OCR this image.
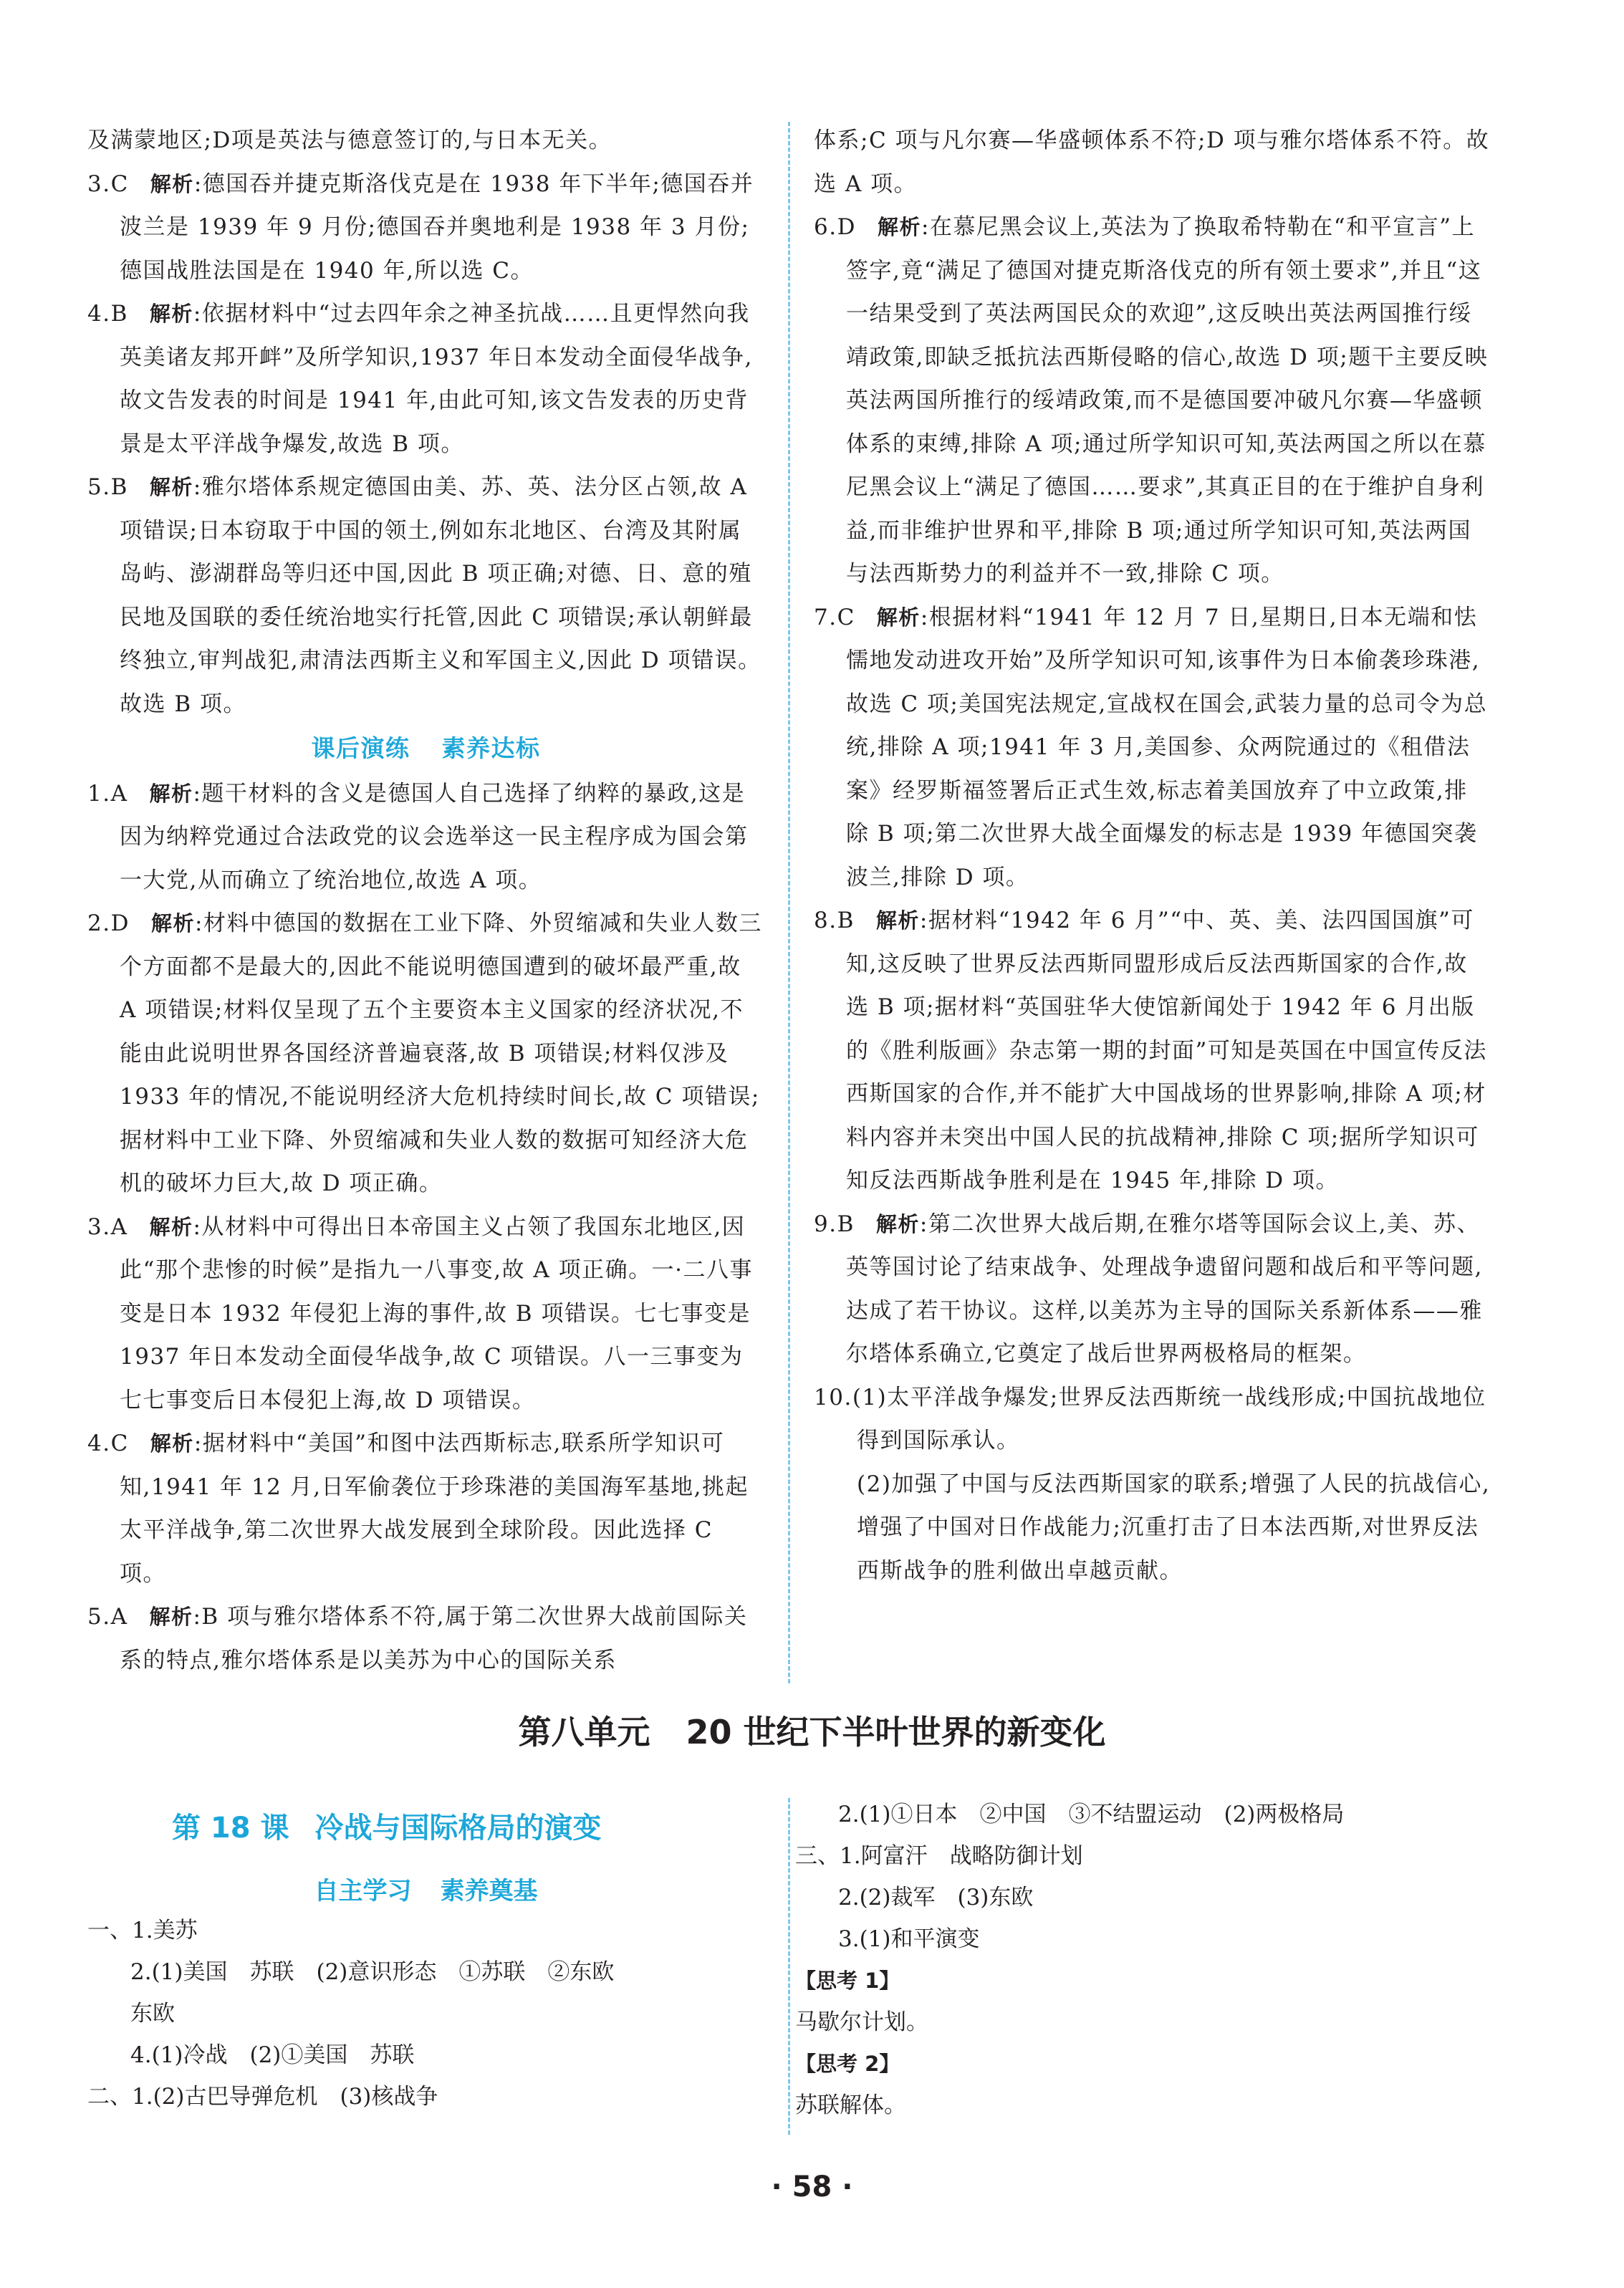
及满蒙地区;D项是英法与德意签订的,与日本无关。

3.C 解析:德国吞并捷克斯洛伐克是在 1938 年下半年;德国吞并波兰是 1939 年 9 月份;德国吞并奥地利是 1938 年 3 月份;德国战胜法国是在 1940 年,所以选 C。

4.B 解析:依据材料中“过去四年余之神圣抗战……且更悍然向我英美诸友邦开衅”及所学知识,1937 年日本发动全面侵华战争,故文告发表的时间是 1941 年,由此可知,该文告发表的历史背景是太平洋战争爆发,故选 B 项。

5.B 解析:雅尔塔体系规定德国由美、苏、英、法分区占领,故 A 项错误;日本窃取于中国的领土,例如东北地区、台湾及其附属岛屿、澎湖群岛等归还中国,因此 B 项正确;对德、日、意的殖民地及国联的委任统治地实行托管,因此 C 项错误;承认朝鲜最终独立,审判战犯,肃清法西斯主义和军国主义,因此 D 项错误。故选 B 项。

课后演练 素养达标

1.A 解析:题干材料的含义是德国人自己选择了纳粹的暴政,这是因为纳粹党通过合法政党的议会选举这一民主程序成为国会第一大党,从而确立了统治地位,故选 A 项。

2.D 解析:材料中德国的数据在工业下降、外贸缩减和失业人数三个方面都不是最大的,因此不能说明德国遭到的破坏最严重,故 A 项错误;材料仅呈现了五个主要资本主义国家的经济状况,不能由此说明世界各国经济普遍衰落,故 B 项错误;材料仅涉及 1933 年的情况,不能说明经济大危机持续时间长,故 C 项错误;据材料中工业下降、外贸缩减和失业人数的数据可知经济大危机的破坏力巨大,故 D 项正确。

3.A 解析:从材料中可得出日本帝国主义占领了我国东北地区,因此“那个悲惨的时候”是指九一八事变,故 A 项正确。一·二八事变是日本 1932 年侵犯上海的事件,故 B 项错误。七七事变是 1937 年日本发动全面侵华战争,故 C 项错误。八一三事变为七七事变后日本侵犯上海,故 D 项错误。

4.C 解析:据材料中“美国”和图中法西斯标志,联系所学知识可知,1941 年 12 月,日军偷袭位于珍珠港的美国海军基地,挑起太平洋战争,第二次世界大战发展到全球阶段。因此选择 C 项。

5.A 解析:B 项与雅尔塔体系不符,属于第二次世界大战前国际关系的特点,雅尔塔体系是以美苏为中心的国际关系

体系;C 项与凡尔赛—华盛顿体系不符;D 项与雅尔塔体系不符。故选 A 项。

6.D 解析:在慕尼黑会议上,英法为了换取希特勒在“和平宣言”上签字,竟“满足了德国对捷克斯洛伐克的所有领土要求”,并且“这一结果受到了英法两国民众的欢迎”,这反映出英法两国推行绥靖政策,即缺乏抵抗法西斯侵略的信心,故选 D 项;题干主要反映英法两国所推行的绥靖政策,而不是德国要冲破凡尔赛—华盛顿体系的束缚,排除 A 项;通过所学知识可知,英法两国之所以在慕尼黑会议上“满足了德国……要求”,其真正目的在于维护自身利益,而非维护世界和平,排除 B 项;通过所学知识可知,英法两国与法西斯势力的利益并不一致,排除 C 项。

7.C 解析:根据材料“1941 年 12 月 7 日,星期日,日本无端和怯懦地发动进攻开始”及所学知识可知,该事件为日本偷袭珍珠港,故选 C 项;美国宪法规定,宣战权在国会,武装力量的总司令为总统,排除 A 项;1941 年 3 月,美国参、众两院通过的《租借法案》经罗斯福签署后正式生效,标志着美国放弃了中立政策,排除 B 项;第二次世界大战全面爆发的标志是 1939 年德国突袭波兰,排除 D 项。

8.B 解析:据材料“1942 年 6 月”“中、英、美、法四国国旗”可知,这反映了世界反法西斯同盟形成后反法西斯国家的合作,故选 B 项;据材料“英国驻华大使馆新闻处于 1942 年 6 月出版的《胜利版画》杂志第一期的封面”可知是英国在中国宣传反法西斯国家的合作,并不能扩大中国战场的世界影响,排除 A 项;材料内容并未突出中国人民的抗战精神,排除 C 项;据所学知识可知反法西斯战争胜利是在 1945 年,排除 D 项。

9.B 解析:第二次世界大战后期,在雅尔塔等国际会议上,美、苏、英等国讨论了结束战争、处理战争遗留问题和战后和平等问题,达成了若干协议。这样,以美苏为主导的国际关系新体系——雅尔塔体系确立,它奠定了战后世界两极格局的框架。

10.(1)太平洋战争爆发;世界反法西斯统一战线形成;中国抗战地位得到国际承认。

(2)加强了中国与反法西斯国家的联系;增强了人民的抗战信心,增强了中国对日作战能力;沉重打击了日本法西斯,对世界反法西斯战争的胜利做出卓越贡献。

第八单元 20 世纪下半叶世界的新变化
第 18 课 冷战与国际格局的演变
自主学习 素养奠基

一、1.美苏

2.(1)美国　苏联　(2)意识形态　①苏联　②东欧

东欧

4.(1)冷战　(2)①美国　苏联

二、1.(2)古巴导弹危机　(3)核战争

2.(1)①日本　②中国　③不结盟运动　(2)两极格局

三、1.阿富汗　战略防御计划

2.(2)裁军　(3)东欧

3.(1)和平演变

【思考 1】

马歇尔计划。

【思考 2】

苏联解体。

· 58 ·
